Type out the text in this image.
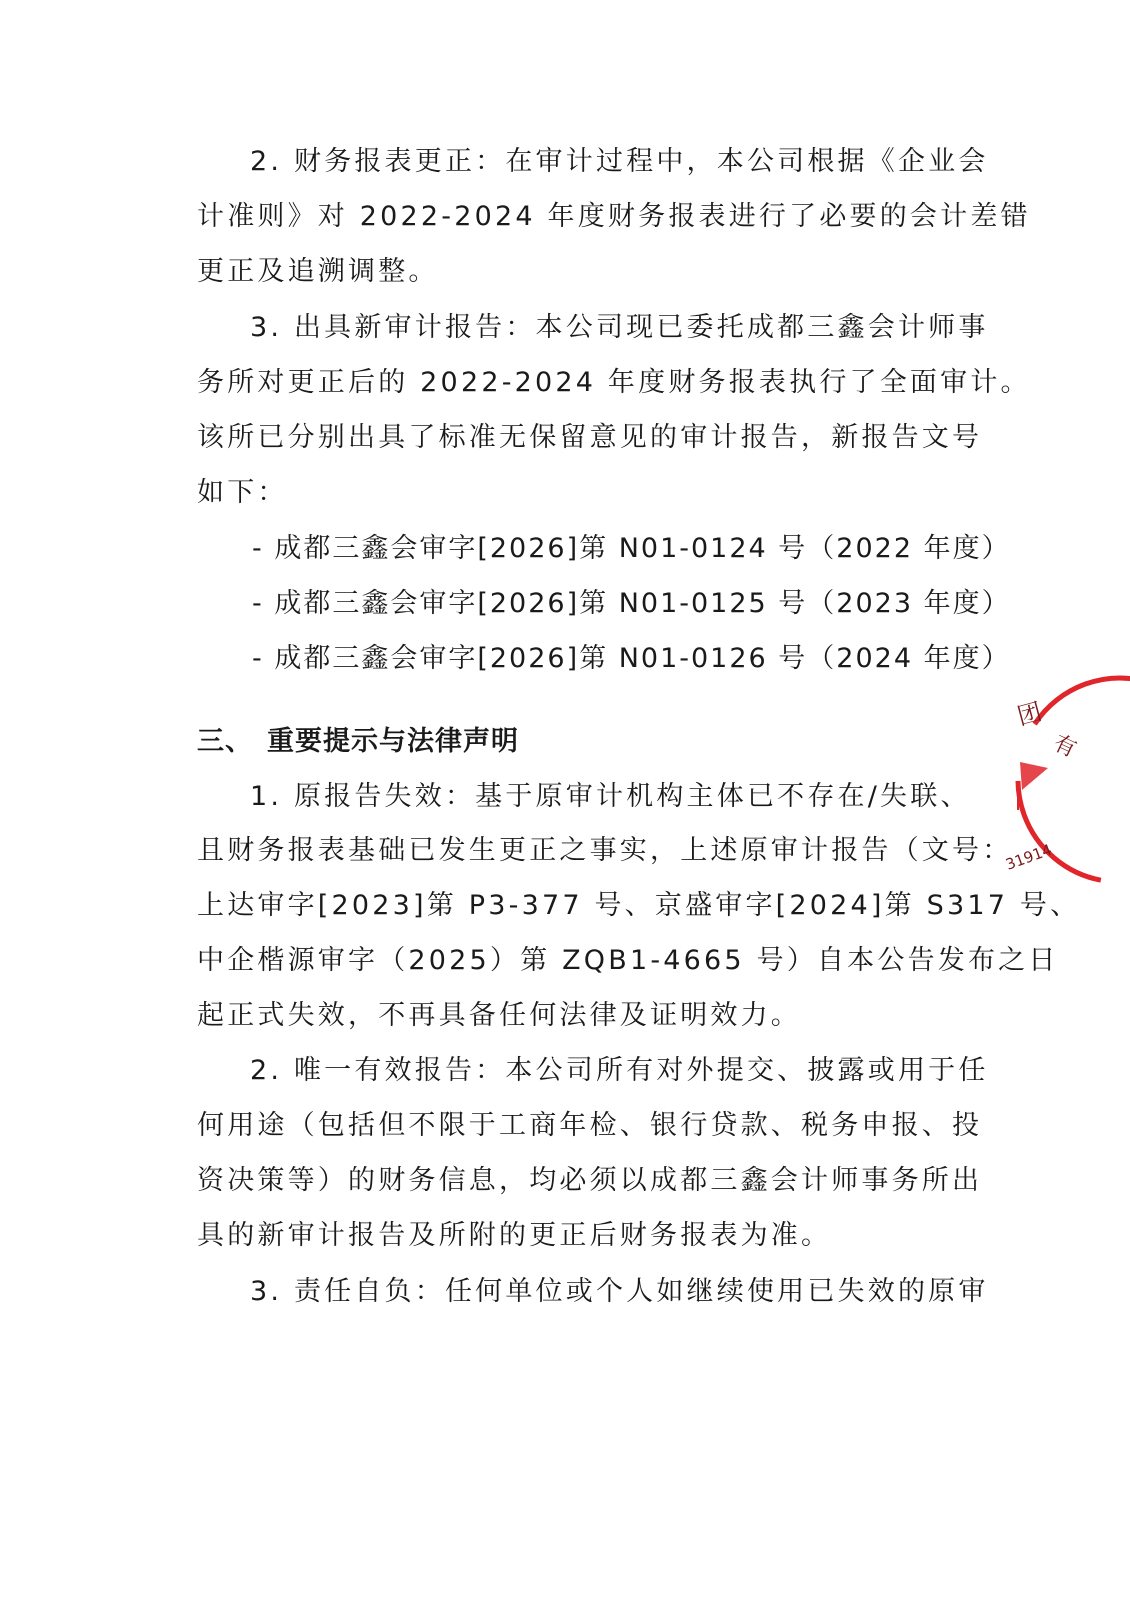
2. 财务报表更正：在审计过程中，本公司根据《企业会
计准则》对 2022-2024 年度财务报表进行了必要的会计差错
更正及追溯调整。
3. 出具新审计报告：本公司现已委托成都三鑫会计师事
务所对更正后的 2022-2024 年度财务报表执行了全面审计。
该所已分别出具了标准无保留意见的审计报告，新报告文号
如下：
- 成都三鑫会审字[2026]第 N01-0124 号（2022 年度）
- 成都三鑫会审字[2026]第 N01-0125 号（2023 年度）
- 成都三鑫会审字[2026]第 N01-0126 号（2024 年度）
三、 重要提示与法律声明
1. 原报告失效：基于原审计机构主体已不存在/失联、
且财务报表基础已发生更正之事实，上述原审计报告（文号：
上达审字[2023]第 P3-377 号、京盛审字[2024]第 S317 号、
中企楷源审字（2025）第 ZQB1-4665 号）自本公告发布之日
起正式失效，不再具备任何法律及证明效力。
2. 唯一有效报告：本公司所有对外提交、披露或用于任
何用途（包括但不限于工商年检、银行贷款、税务申报、投
资决策等）的财务信息，均必须以成都三鑫会计师事务所出
具的新审计报告及所附的更正后财务报表为准。
3. 责任自负：任何单位或个人如继续使用已失效的原审
团
有
31914
